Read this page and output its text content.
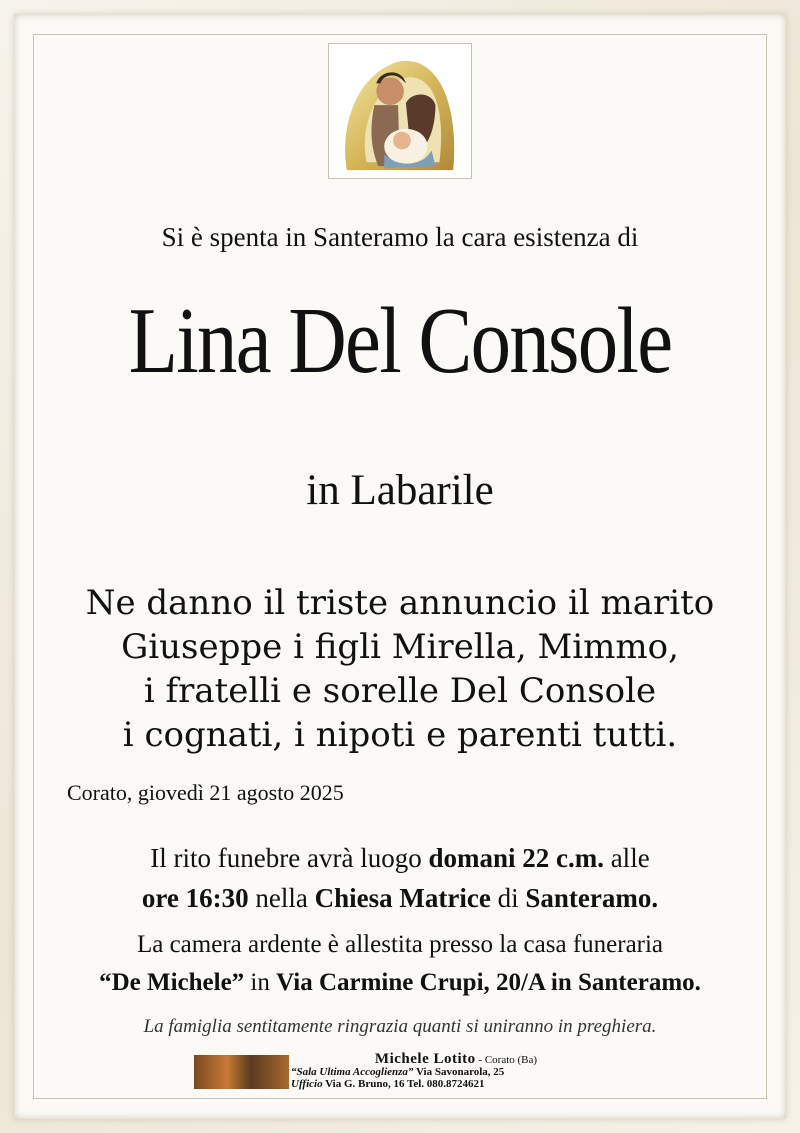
Si è spenta in Santeramo la cara esistenza di
Lina Del Console
in Labarile
Ne danno il triste annuncio il marito
Giuseppe i figli Mirella, Mimmo,
i fratelli e sorelle Del Console
i cognati, i nipoti e parenti tutti.
Corato, giovedì 21 agosto 2025
Il rito funebre avrà luogo domani 22 c.m. alle
ore 16:30 nella Chiesa Matrice di Santeramo.
La camera ardente è allestita presso la casa funeraria
“De Michele” in Via Carmine Crupi, 20/A in Santeramo.
La famiglia sentitamente ringrazia quanti si uniranno in preghiera.
Michele Lotito - Corato (Ba)
“Sala Ultima Accoglienza” Via Savonarola, 25
Ufficio Via G. Bruno, 16 Tel. 080.8724621
